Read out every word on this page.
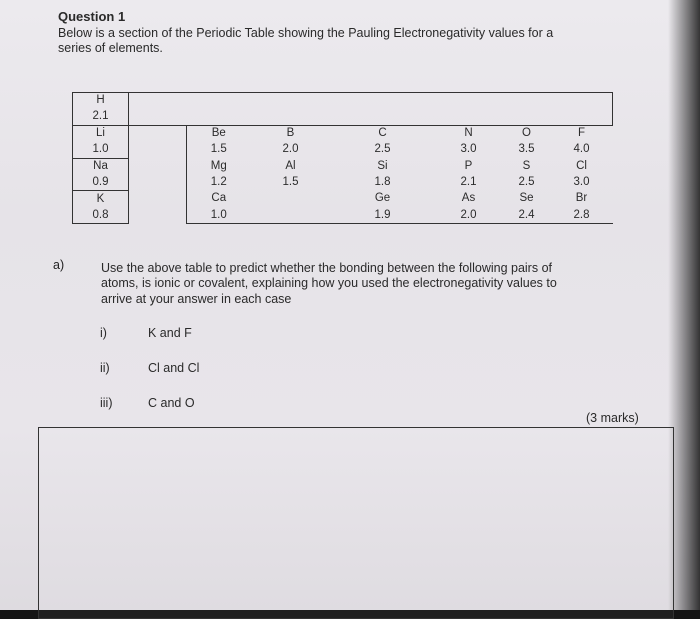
Question 1
Below is a section of the Periodic Table showing the Pauling Electronegativity values for a
series of elements.
H							
2.1							
Li		Be	B	C	N	O	F
1.0		1.5	2.0	2.5	3.0	3.5	4.0
Na		Mg	Al	Si	P	S	Cl
0.9		1.2	1.5	1.8	2.1	2.5	3.0
K		Ca		Ge	As	Se	Br
0.8		1.0		1.9	2.0	2.4	2.8
a)	Use the above table to predict whether the bonding between the following pairs of
atoms, is ionic or covalent, explaining how you used the electronegativity values to
arrive at your answer in each case
i)	K and F
ii)	Cl and Cl
iii)	C and O
(3 marks)
